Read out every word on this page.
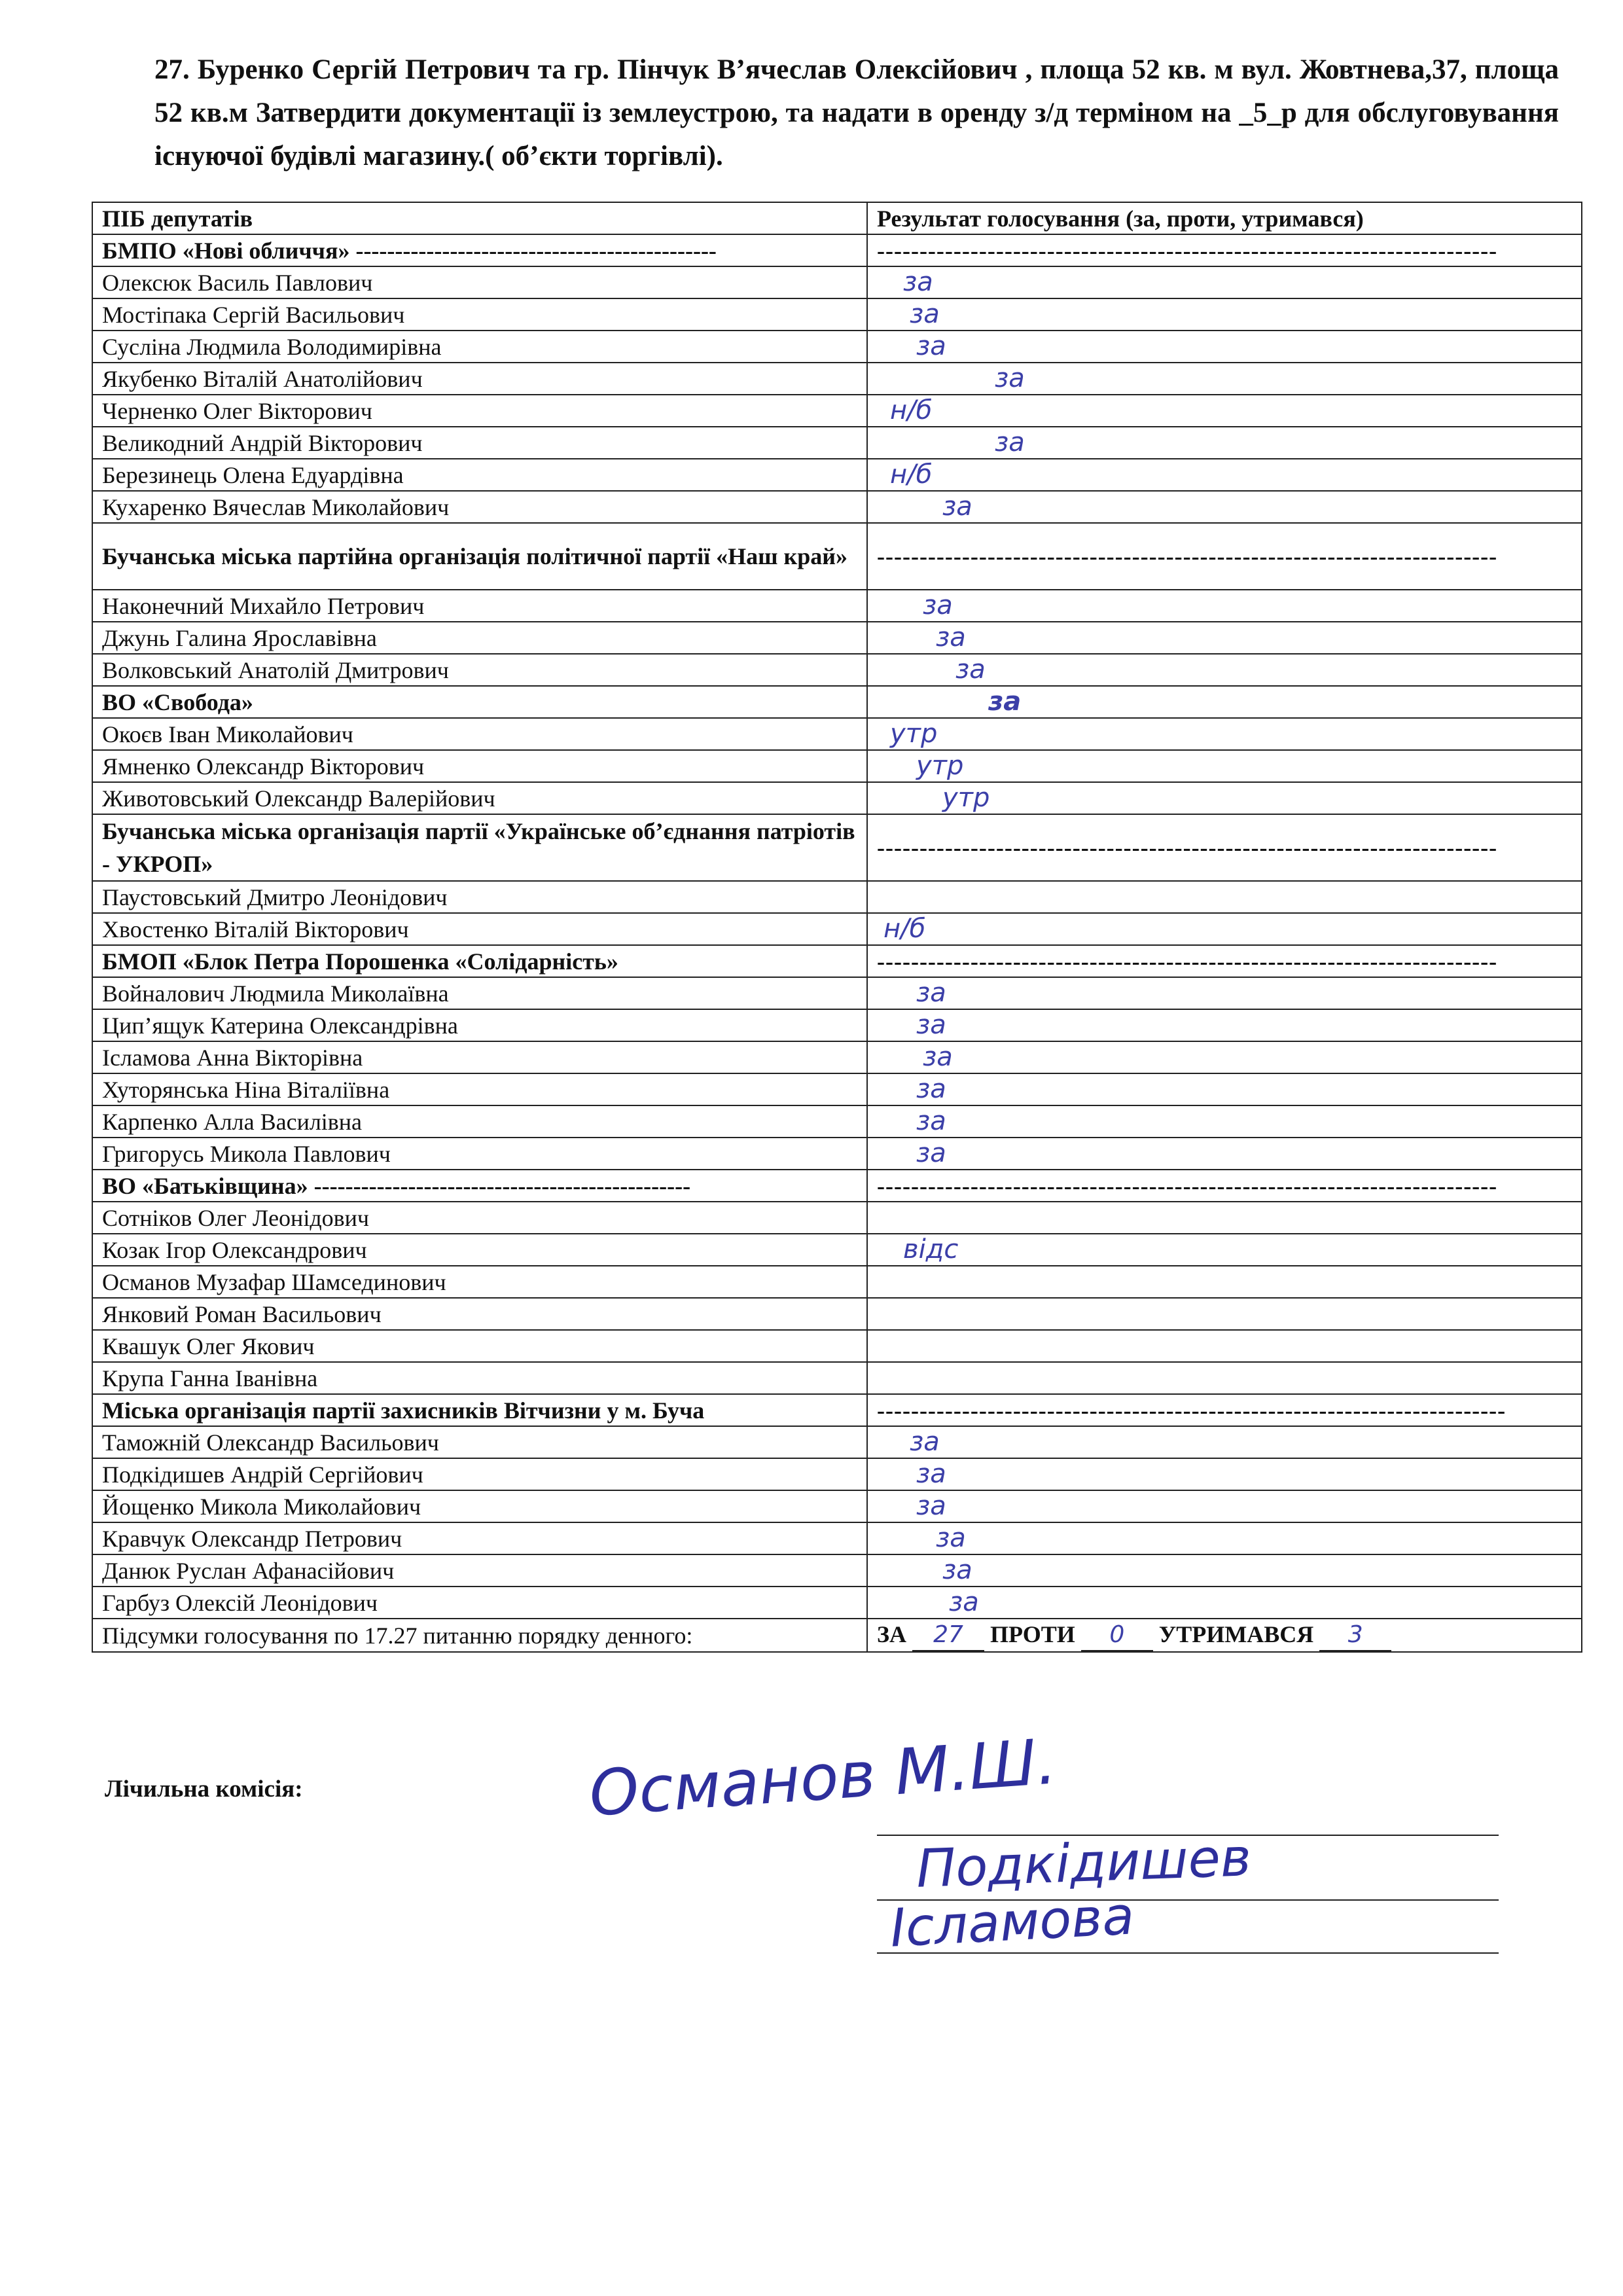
27. Буренко Сергій Петрович та гр. Пінчук В’ячеслав Олексійович , площа 52 кв. м вул. Жовтнева,37, площа 52 кв.м Затвердити документації із землеустрою, та надати в оренду з/д терміном на _5_р для обслуговування існуючої будівлі магазину.( об’єкти торгівлі).
ПІБ депутатів	Результат голосування (за, проти, утримався)
БМПО «Нові обличчя» ----------------------------------------------	-------------------------------------------------------------------------
Олексюк Василь Павлович	за

Мостіпака Сергій Васильович	за

Сусліна Людмила Володимирівна	за

Якубенко Віталій Анатолійович	за

Черненко Олег Вікторович	н/б

Великодний Андрій Вікторович	за

Березинець Олена Едуардівна	н/б

Кухаренко Вячеслав Миколайович	за

Бучанська міська партійна організація політичної партії «Наш край»	-------------------------------------------------------------------------
Наконечний Михайло Петрович	за

Джунь Галина Ярославівна	за

Волковський Анатолій Дмитрович	за

ВО «Свобода»	за

Окоєв Іван Миколайович	утр

Ямненко Олександр Вікторович	утр

Животовський Олександр Валерійович	утр

Бучанська міська організація партії «Українське об’єднання патріотів - УКРОП»	-------------------------------------------------------------------------
Паустовський Дмитро Леонідович	
Хвостенко Віталій Вікторович	н/б

БМОП «Блок Петра Порошенка «Солідарність»	-------------------------------------------------------------------------
Войналович Людмила Миколаївна	за

Цип’ящук Катерина Олександрівна	за

Ісламова Анна Вікторівна	за

Хуторянська Ніна Віталіївна	за

Карпенко Алла Василівна	за

Григорусь Микола Павлович	за

ВО «Батьківщина» ------------------------------------------------	-------------------------------------------------------------------------
Сотніков Олег Леонідович	
Козак Ігор Олександрович	відс

Османов Музафар Шамсединович	
Янковий Роман Васильович	
Квашук Олег Якович	
Крупа Ганна Іванівна	
Міська організація партії захисників Вітчизни у м. Буча	--------------------------------------------------------------------------
Таможній Олександр Васильович	за

Подкідишев Андрій Сергійович	за

Йощенко Микола Миколайович	за

Кравчук Олександр Петрович	за

Данюк Руслан Афанасійович	за

Гарбуз Олексій Леонідович	за

Підсумки голосування по 17.27 питанню порядку денного:	ЗА 27 ПРОТИ 0 УТРИМАВСЯ 3
Лічильна комісія:	Османов М.Ш.
Подкідишев
Ісламова
